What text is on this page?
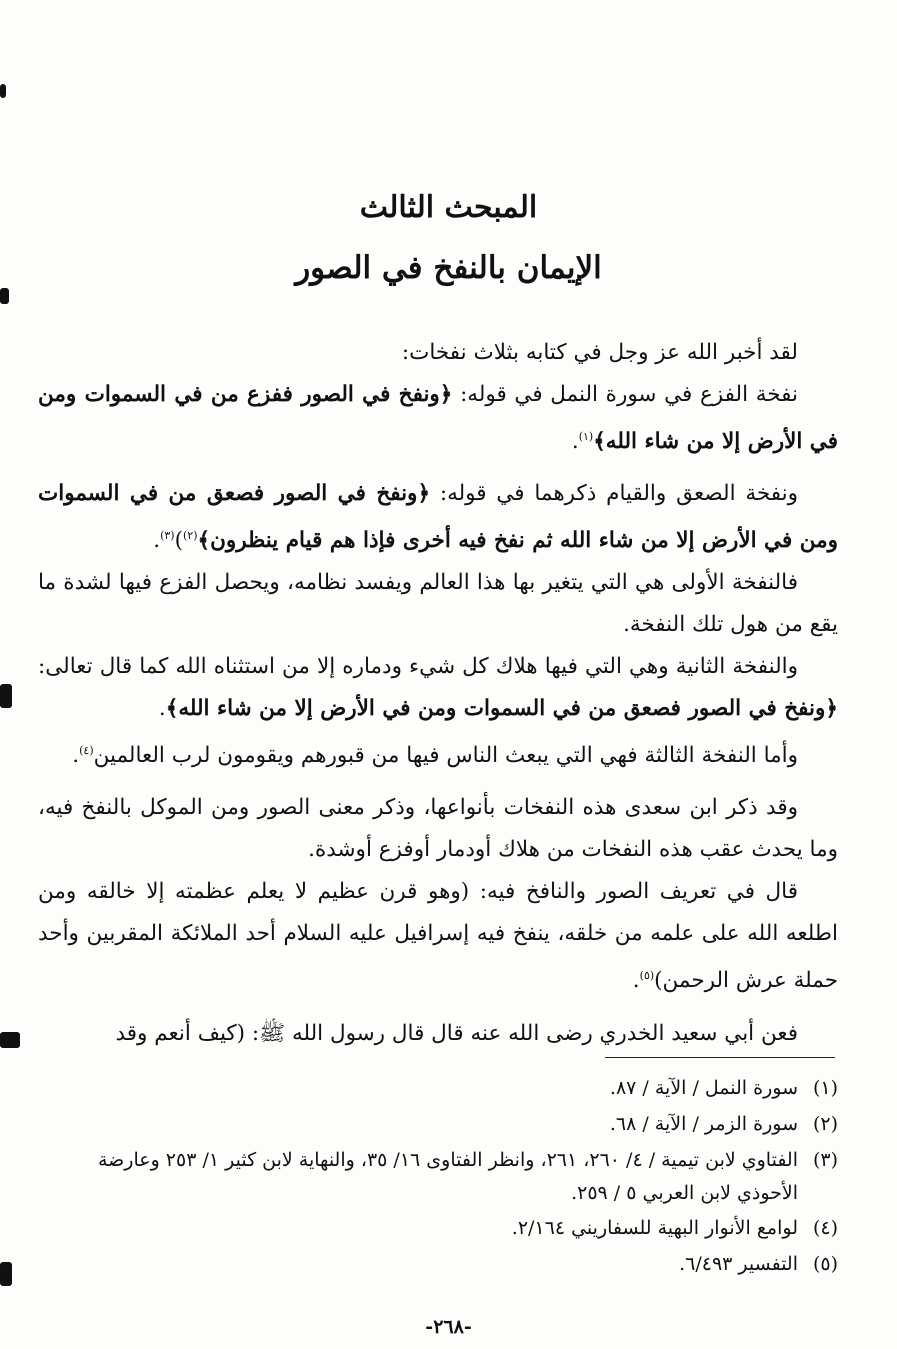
المبحث الثالث
الإيمان بالنفخ في الصور

لقد أخبر الله عز وجل في كتابه بثلاث نفخات:

نفخة الفزع في سورة النمل في قوله: ﴿ونفخ في الصور ففزع من في السموات ومن في الأرض إلا من شاء الله﴾$^{(١)}$.

ونفخة الصعق والقيام ذكرهما في قوله: ﴿ونفخ في الصور فصعق من في السموات ومن في الأرض إلا من شاء الله ثم نفخ فيه أخرى فإذا هم قيام ينظرون﴾$^{(٢)}$)$^{(٣)}$.

فالنفخة الأولى هي التي يتغير بها هذا العالم ويفسد نظامه، ويحصل الفزع فيها لشدة ما يقع من هول تلك النفخة.

والنفخة الثانية وهي التي فيها هلاك كل شيء ودماره إلا من استثناه الله كما قال تعالى: ﴿ونفخ في الصور فصعق من في السموات ومن في الأرض إلا من شاء الله﴾.

وأما النفخة الثالثة فهي التي يبعث الناس فيها من قبورهم ويقومون لرب العالمين$^{(٤)}$.

وقد ذكر ابن سعدى هذه النفخات بأنواعها، وذكر معنى الصور ومن الموكل بالنفخ فيه، وما يحدث عقب هذه النفخات من هلاك أودمار أوفزع أوشدة.

قال في تعريف الصور والنافخ فيه: (وهو قرن عظيم لا يعلم عظمته إلا خالقه ومن اطلعه الله على علمه من خلقه، ينفخ فيه إسرافيل عليه السلام أحد الملائكة المقربين وأحد حملة عرش الرحمن)$^{(٥)}$.

فعن أبي سعيد الخدري رضى الله عنه قال قال رسول الله ﷺ: (كيف أنعم وقد

(١)
سورة النمل / الآية / ٨٧.
(٢)
سورة الزمر / الآية / ٦٨.
(٣)
الفتاوي لابن تيمية / ٤/ ٢٦٠، ٢٦١، وانظر الفتاوى ١٦/ ٣٥، والنهاية لابن كثير ١/ ٢٥٣ وعارضة الأحوذي لابن العربي ٥ / ٢٥٩.
(٤)
لوامع الأنوار البهية للسفاريني ٢/١٦٤.
(٥)
التفسير ٦/٤٩٣.
-٢٦٨-
